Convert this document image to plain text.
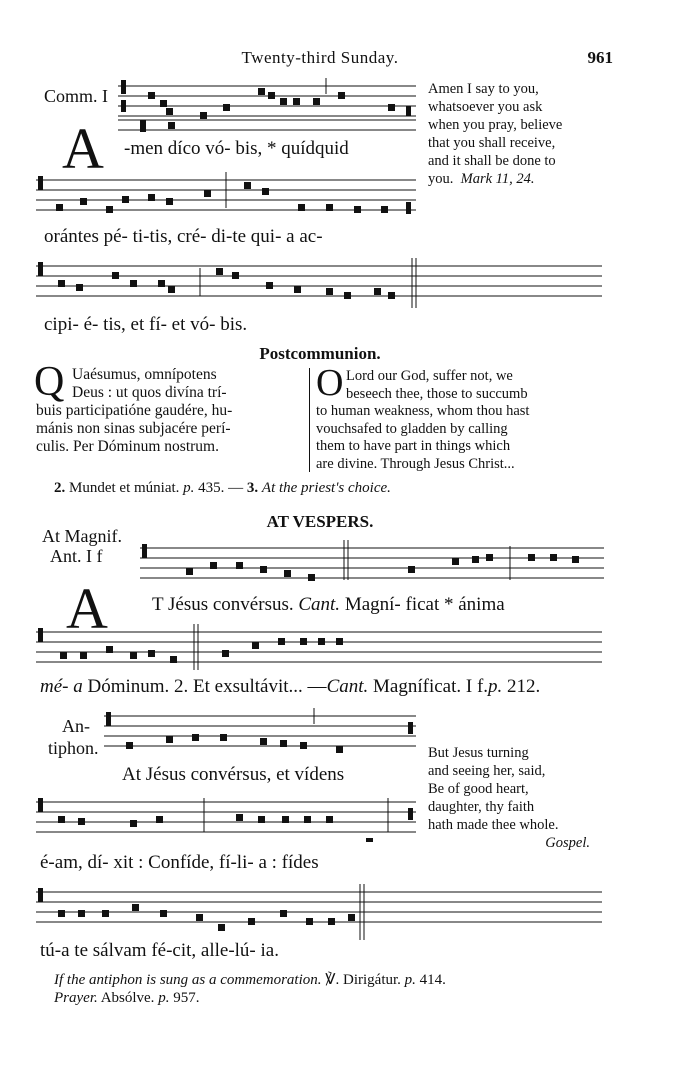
Twenty-third Sunday.	961
Comm. I
A -men díco vó- bis, * quídquid
Amen I say to you,
whatsoever you ask
when you pray, believe
that you shall receive,
and it shall be done to
you. Mark 11, 24.
orántes pé- ti-tis, cré- di-te qui- a ac-
cipi- é- tis, et fí- et vó- bis.
Postcommunion.
Q Uaésumus, omnípotens
Deus : ut quos divína trí-
buis participatióne gaudére, hu-
mánis non sinas subjacére perí-
culis. Per Dóminum nostrum.
O Lord our God, suffer not, we
beseech thee, those to succumb
to human weakness, whom thou hast
vouchsafed to gladden by calling
them to have part in things which
are divine. Through Jesus Christ...
2. Mundet et múniat. p. 435. — 3. At the priest's choice.
AT VESPERS.
At Magnif.
Ant. I f
A T Jésus convérsus. Cant. Magní- ficat * ánima
mé- a Dóminum. 2. Et exsultávit... —Cant. Magníficat. I f.p. 212.
An-
tiphon.
At Jésus convérsus, et vídens
But Jesus turning
and seeing her, said,
Be of good heart,
daughter, thy faith
hath made thee whole.
Gospel.
é-am, dí- xit : Confíde, fí-li- a : fídes
tú-a te sálvam fé-cit, alle-lú- ia.
If the antiphon is sung as a commemoration. ℣. Dirigátur. p. 414.
Prayer. Absólve. p. 957.
